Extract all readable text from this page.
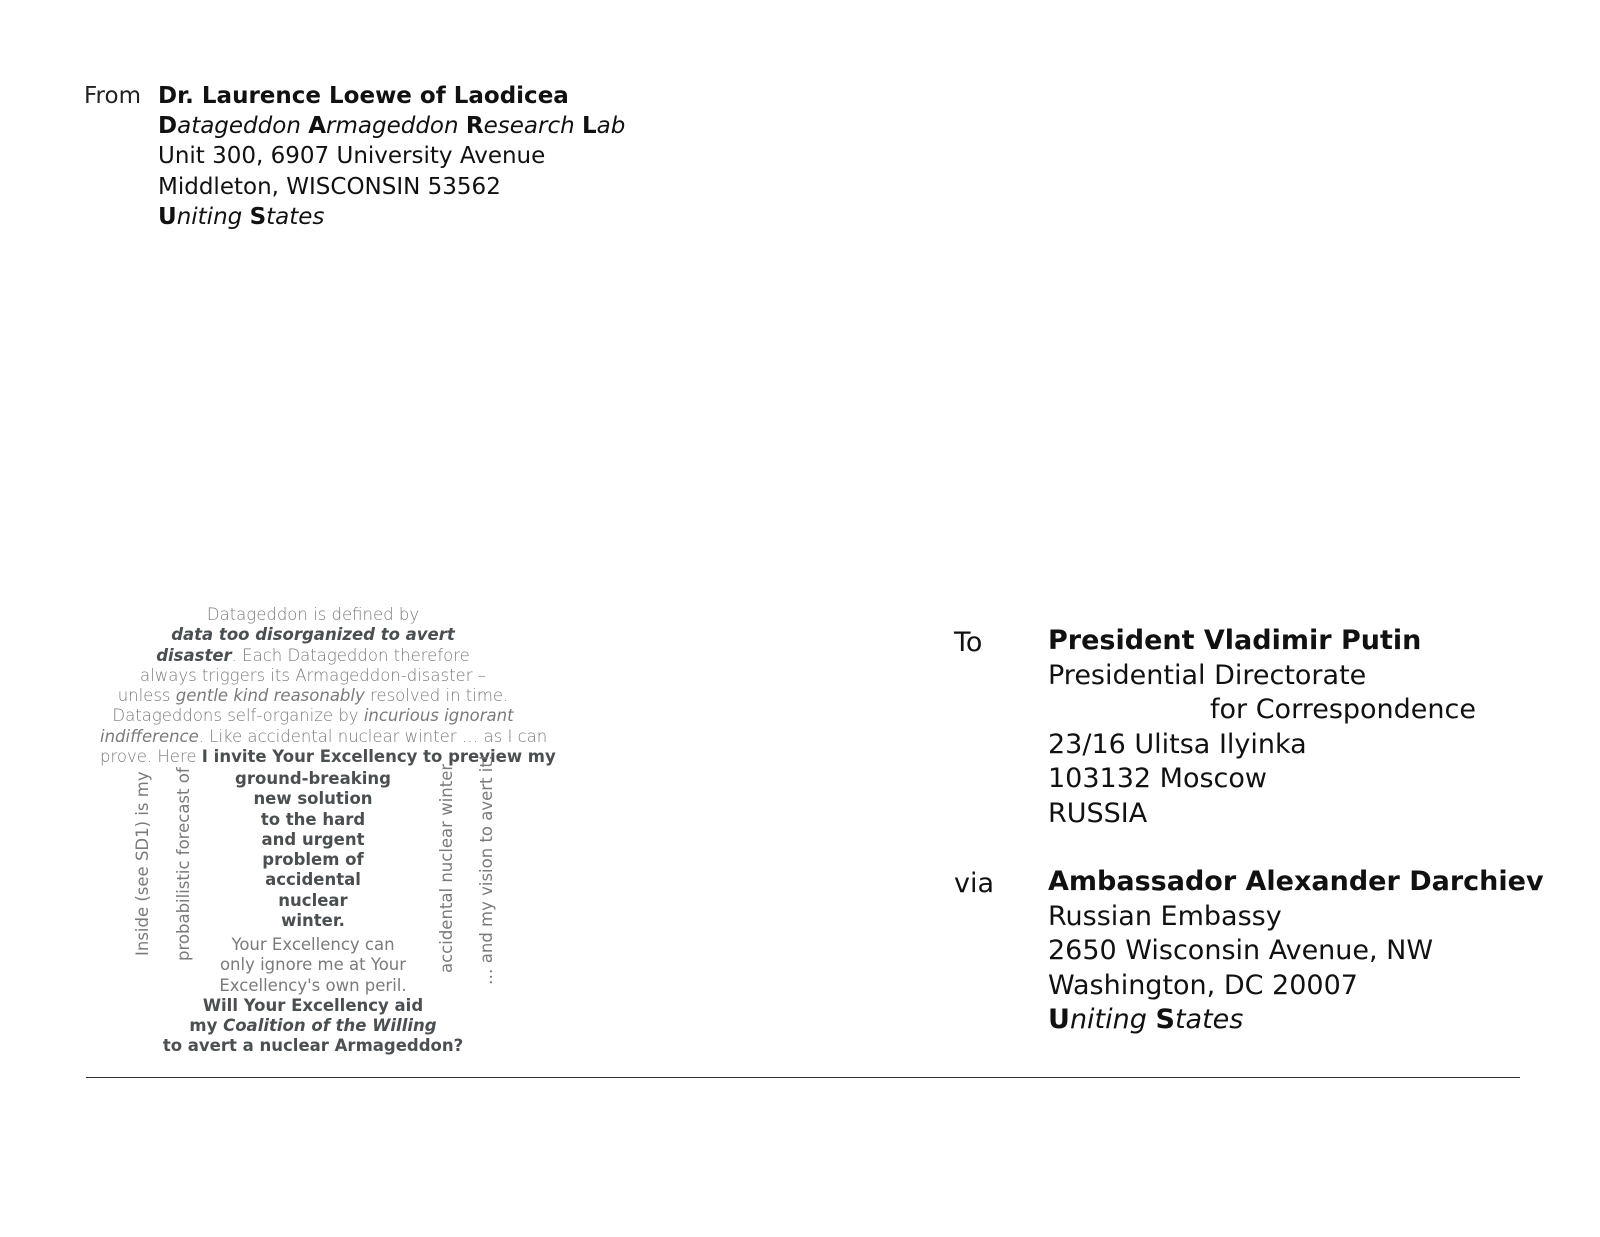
From Dr. Laurence Loewe of Laodicea
Datageddon Armageddon Research Lab
Unit 300, 6907 University Avenue
Middleton, WISCONSIN 53562
Uniting States
Datageddon is defined by
data too disorganized to avert
disaster. Each Datageddon therefore
always triggers its Armageddon-disaster –
unless gentle kind reasonably resolved in time.
Datageddons self-organize by incurious ignorant
indifference. Like accidental nuclear winter … as I can
prove. Here I invite Your Excellency to preview my
ground-breaking
new solution
to the hard
and urgent
problem of
accidental
nuclear
winter.
Your Excellency can
only ignore me at Your
Excellency's own peril.
Will Your Excellency aid
my Coalition of the Willing
to avert a nuclear Armageddon?
Inside (see SD1) is my probabilistic forecast of	accidental nuclear winter … and my vision to avert it!
To President Vladimir Putin
Presidential Directorate
for Correspondence
23/16 Ulitsa Ilyinka
103132 Moscow
RUSSIA
via Ambassador Alexander Darchiev
Russian Embassy
2650 Wisconsin Avenue, NW
Washington, DC 20007
Uniting States
